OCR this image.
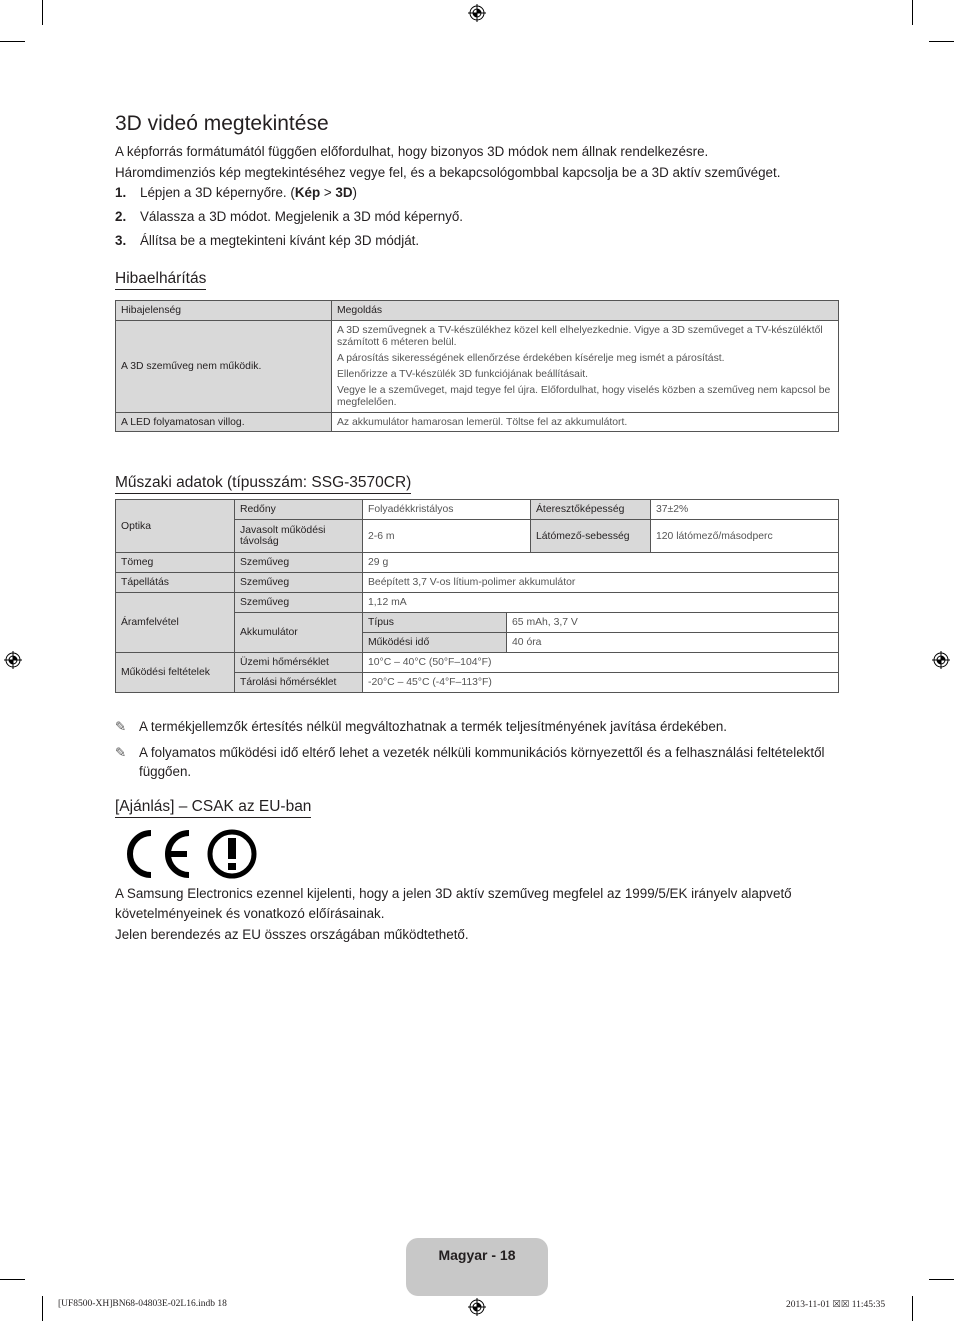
3D videó megtekintése

A képforrás formátumától függően előfordulhat, hogy bizonyos 3D módok nem állnak rendelkezésre.

Háromdimenziós kép megtekintéséhez vegye fel, és a bekapcsológombbal kapcsolja be a 3D aktív szeművéget.

1. Lépjen a 3D képernyőre. (Kép > 3D)
2. Válassza a 3D módot. Megjelenik a 3D mód képernyő.
3. Állítsa be a megtekinteni kívánt kép 3D módját.
Hibaelhárítás
Hibajelenség	Megoldás
A 3D szeműveg nem működik.	A 3D szeművegnek a TV-készülékhez közel kell elhelyezkednie. Vigye a 3D szeműveget a TV-készüléktől számított 6 méteren belül.
A párosítás sikerességének ellenőrzése érdekében kísérelje meg ismét a párosítást.
Ellenőrizze a TV-készülék 3D funkciójának beállításait.
Vegye le a szeműveget, majd tegye fel újra. Előfordulhat, hogy viselés közben a szeműveg nem kapcsol be megfelelően.

A LED folyamatosan villog.	Az akkumulátor hamarosan lemerül. Töltse fel az akkumulátort.
Műszaki adatok (típusszám: SSG-3570CR)
Optika	Redőny	Folyadékkristályos		Áteresztőképesség	37±2%
	Javasolt működési távolság	2-6 m		Látómező-sebesség	120 látómező/másodperc
Tömeg	Szeműveg	29 g			
Tápellátás	Szeműveg	Beépített 3,7 V-os lítium-polimer akkumulátor			
Áramfelvétel	Szeműveg	1,12 mA			
	Akkumulátor	Típus	65 mAh, 3,7 V		
		Működési idő	40 óra		
Működési feltételek	Üzemi hőmérséklet	10°C – 40°C (50°F–104°F)			
	Tárolási hőmérséklet	-20°C – 45°C (-4°F–113°F)			
✎ A termékjellemzők értesítés nélkül megváltozhatnak a termék teljesítményének javítása érdekében.
✎ A folyamatos működési idő eltérő lehet a vezeték nélküli kommunikációs környezettől és a felhasználási feltételektől függően.
[Ajánlás] – CSAK az EU-ban

A Samsung Electronics ezennel kijelenti, hogy a jelen 3D aktív szeműveg megfelel az 1999/5/EK irányelv alapvető követelményeinek és vonatkozó előírásainak.

Jelen berendezés az EU összes országában működtethető.

Magyar - 18
[UF8500-XH]BN68-04803E-02L16.indb 18	2013-11-01 ☒☒ 11:45:35
